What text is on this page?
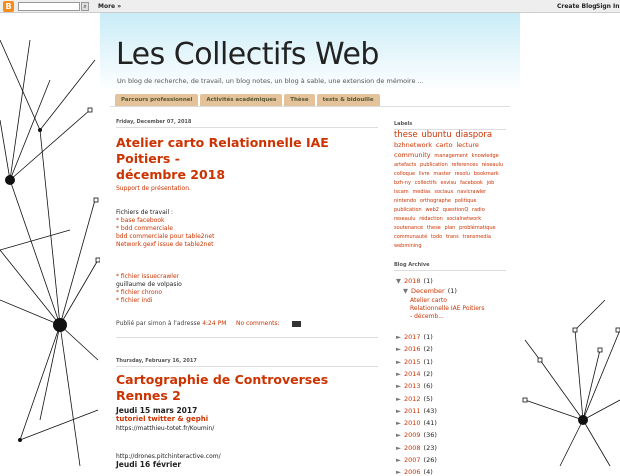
B	⌕	More »	Create Blog Sign In
Les Collectifs Web
Un blog de recherche, de travail, un blog notes, un blog à sable, une extension de mémoire ...
Parcours professionnel	Activités académiques	Thèse	tests & bidouille
Friday, December 07, 2018
Atelier carto Relationnelle IAE Poitiers -
décembre 2018
Support de présentation.
Fichiers de travail :
* base facebook
* bdd commerciale
bdd commerciale pour table2net
Network.gexf issue de table2net
* fichier issuecrawler
guillaume de volpasio
* fichier chrono
* fichier indi
Publié par simon à l'adresse 4:24 PM No comments:
Thursday, February 16, 2017
Cartographie de Controverses Rennes 2
Jeudi 15 mars 2017
tutoriel twitter & gephi
https://matthieu-totet.fr/Koumin/
http://drones.pitchinteractive.com/
Jeudi 16 février
Labels
these ubuntu diaspora bzhnetwork carto lecture community management knowledge artefacts publication references réseaulu colloque livre master resolu bookmark bzh-ny collectifs esvisu facebook job iscam medias sociaux navicrawler nintendo orthographe politique publication web2 questionQ radio reseaulu rédaction socialnetwork soutenance these plan problématique communauté todo trans transmedia webmining
Blog Archive
▼ 2018 (1)
▼ December (1)
Atelier carto Relationnelle IAE Poitiers - décemb...
► 2017 (1)
► 2016 (2)
► 2015 (1)
► 2014 (2)
► 2013 (6)
► 2012 (5)
► 2011 (43)
► 2010 (41)
► 2009 (36)
► 2008 (23)
► 2007 (26)
► 2006 (4)
